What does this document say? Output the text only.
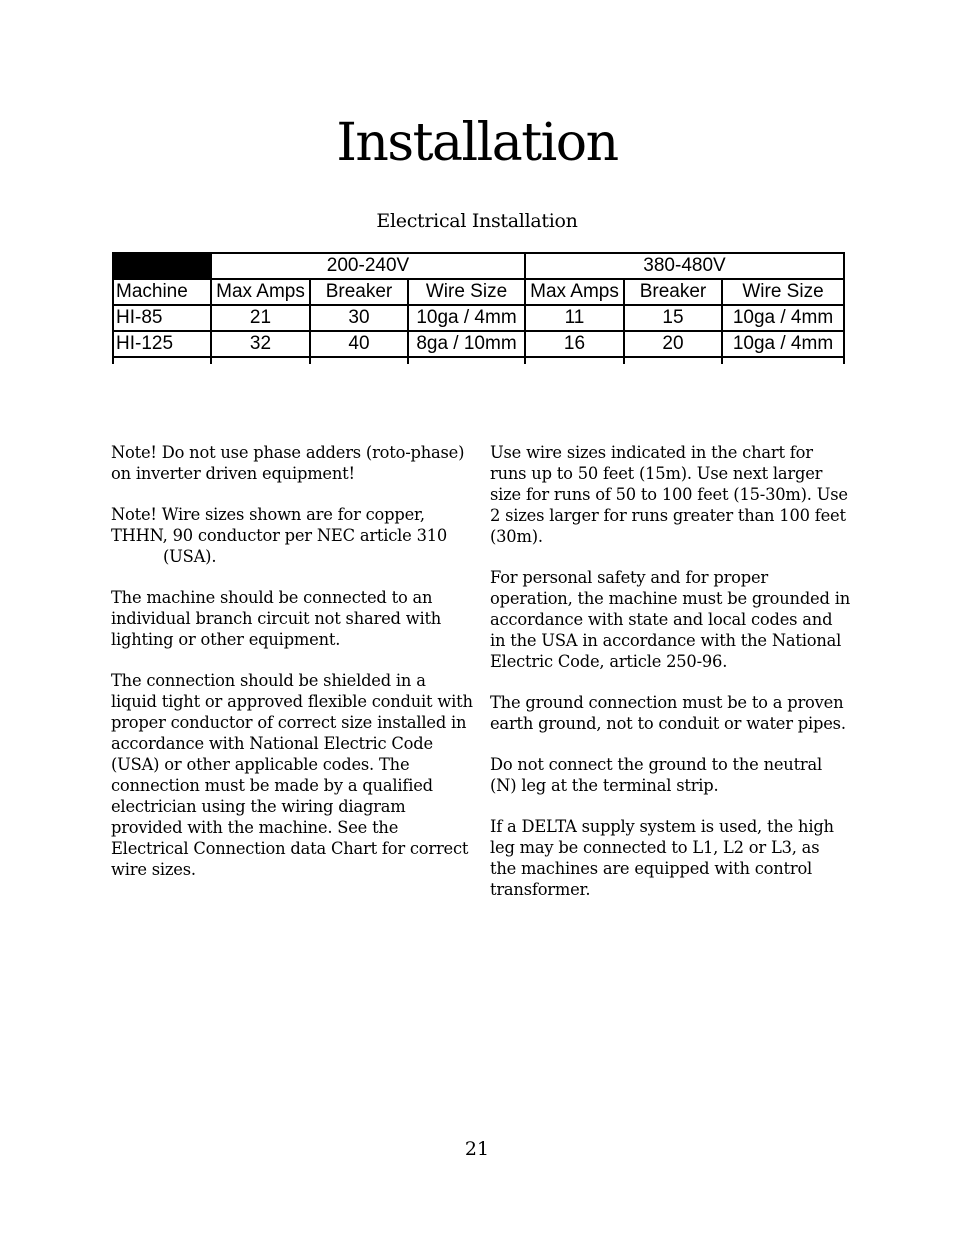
Installation
Electrical Installation
	200-240V			380-480V		
Machine	Max Amps	Breaker	Wire Size	Max Amps	Breaker	Wire Size
HI-85	21	30	10ga / 4mm	11	15	10ga / 4mm
HI-125	32	40	8ga / 10mm	16	20	10ga / 4mm

Note! Do not use phase adders (roto-phase) on inverter driven equipment!

Note! Wire sizes shown are for copper, THHN, 90 conductor per NEC article 310
(USA).

The machine should be connected to an individual branch circuit not shared with lighting or other equipment.

The connection should be shielded in a liquid tight or approved flexible conduit with proper conductor of correct size installed in accordance with National Electric Code (USA) or other applicable codes. The connection must be made by a qualified electrician using the wiring diagram provided with the machine. See the Electrical Connection data Chart for correct wire sizes.

Use wire sizes indicated in the chart for runs up to 50 feet (15m). Use next larger size for runs of 50 to 100 feet (15-30m). Use 2 sizes larger for runs greater than 100 feet (30m).

For personal safety and for proper operation, the machine must be grounded in accordance with state and local codes and in the USA in accordance with the National Electric Code, article 250-96.

The ground connection must be to a proven earth ground, not to conduit or water pipes.

Do not connect the ground to the neutral (N) leg at the terminal strip.

If a DELTA supply system is used, the high leg may be connected to L1, L2 or L3, as the machines are equipped with control transformer.

21
